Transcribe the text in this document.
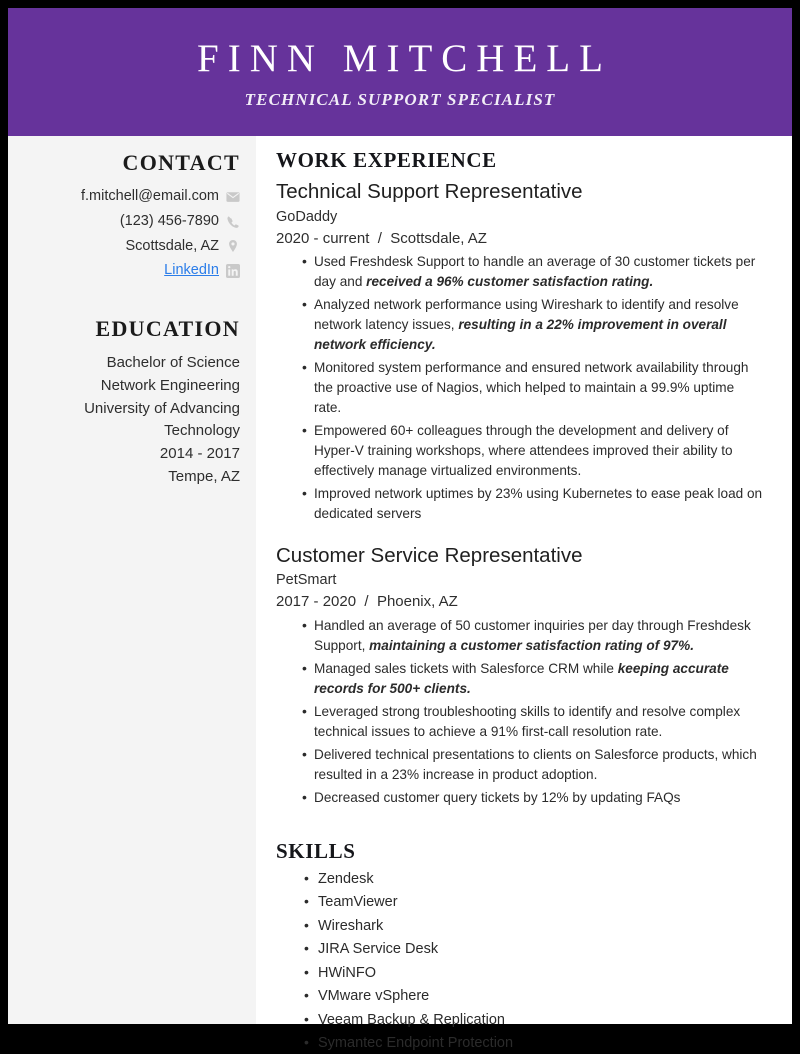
FINN MITCHELL
TECHNICAL SUPPORT SPECIALIST
CONTACT
f.mitchell@email.com
(123) 456-7890
Scottsdale, AZ
LinkedIn
EDUCATION
Bachelor of Science
Network Engineering
University of Advancing
Technology
2014 - 2017
Tempe, AZ
WORK EXPERIENCE
Technical Support Representative
GoDaddy
2020 - current / Scottsdale, AZ
• Used Freshdesk Support to handle an average of 30 customer tickets per day and received a 96% customer satisfaction rating.
• Analyzed network performance using Wireshark to identify and resolve network latency issues, resulting in a 22% improvement in overall network efficiency.
• Monitored system performance and ensured network availability through the proactive use of Nagios, which helped to maintain a 99.9% uptime rate.
• Empowered 60+ colleagues through the development and delivery of Hyper-V training workshops, where attendees improved their ability to effectively manage virtualized environments.
• Improved network uptimes by 23% using Kubernetes to ease peak load on dedicated servers
Customer Service Representative
PetSmart
2017 - 2020 / Phoenix, AZ
• Handled an average of 50 customer inquiries per day through Freshdesk Support, maintaining a customer satisfaction rating of 97%.
• Managed sales tickets with Salesforce CRM while keeping accurate records for 500+ clients.
• Leveraged strong troubleshooting skills to identify and resolve complex technical issues to achieve a 91% first-call resolution rate.
• Delivered technical presentations to clients on Salesforce products, which resulted in a 23% increase in product adoption.
• Decreased customer query tickets by 12% by updating FAQs
SKILLS
• Zendesk
• TeamViewer
• Wireshark
• JIRA Service Desk
• HWiNFO
• VMware vSphere
• Veeam Backup & Replication
• Symantec Endpoint Protection
